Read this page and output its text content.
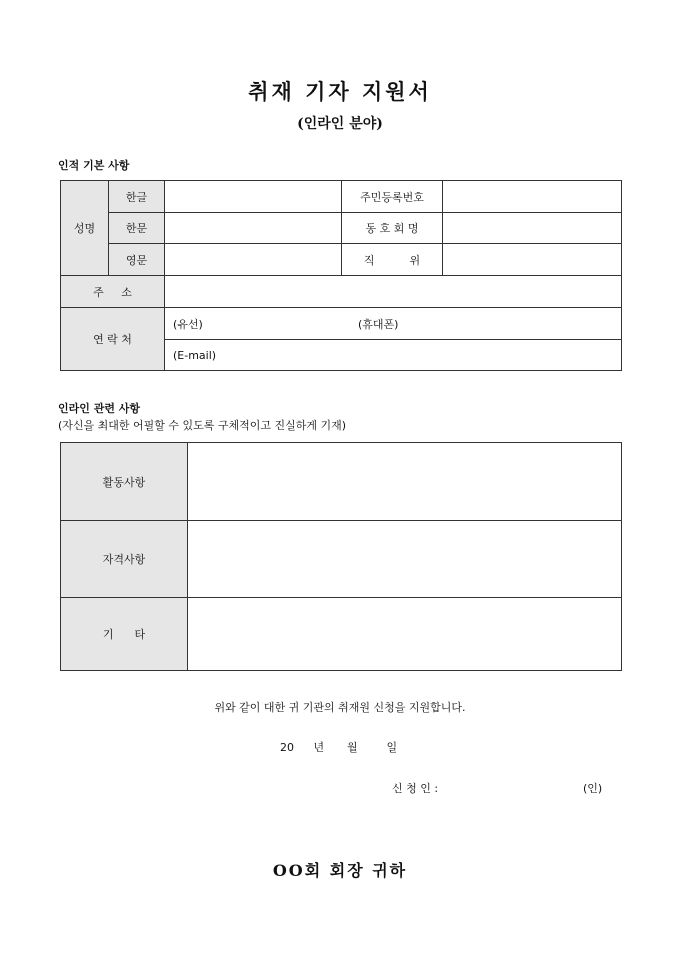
취재 기자 지원서
(인라인 분야)
인적 기본 사항
성명	한글		주민등록번호	
	한문		동 호 회 명	
	영문		직          위	
주     소				
연 락 처		(유선) (휴대폰)		

		(E-mail)		
인라인 관련 사항
(자신을 최대한 어필할 수 있도록 구체적이고 진실하게 기재)
활동사항	
자격사항	
기      타	
위와 같이 대한 귀 기관의 취재원 신청을 지원합니다.
20 년 월	일
신 청 인 :	(인)
OO회 회장 귀하
